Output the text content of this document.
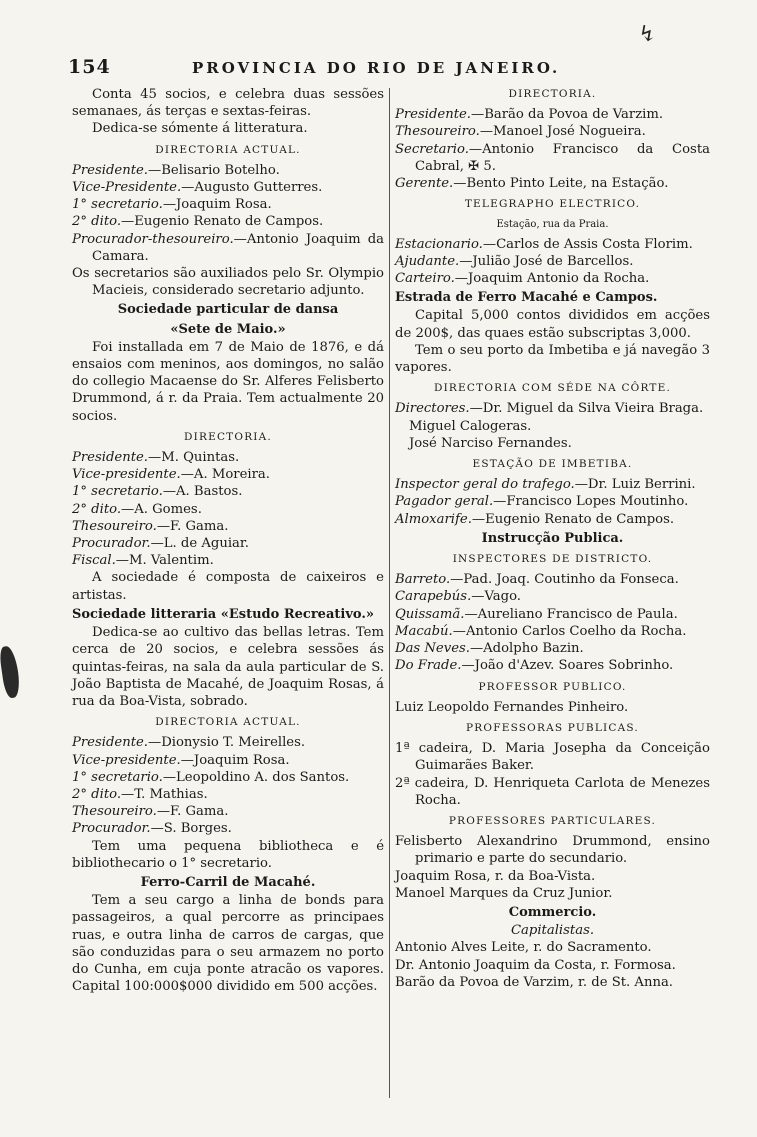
154	PROVINCIA DO RIO DE JANEIRO.
↯

Conta 45 socios, e celebra duas sessões semanaes, ás terças e sextas-feiras.

Dedica-se sómente á litteratura.

DIRECTORIA ACTUAL.

Presidente.—Belisario Botelho.

Vice-Presidente.—Augusto Gutterres.

1° secretario.—Joaquim Rosa.

2° dito.—Eugenio Renato de Campos.

Procurador-thesoureiro.—Antonio Joaquim da Camara.

Os secretarios são auxiliados pelo Sr. Olympio Macieis, considerado secretario adjunto.

Sociedade particular de dansa

«Sete de Maio.»

Foi installada em 7 de Maio de 1876, e dá ensaios com meninos, aos domingos, no salão do collegio Macaense do Sr. Alferes Felisberto Drummond, á r. da Praia. Tem actualmente 20 socios.

DIRECTORIA.

Presidente.—M. Quintas.

Vice-presidente.—A. Moreira.

1° secretario.—A. Bastos.

2° dito.—A. Gomes.

Thesoureiro.—F. Gama.

Procurador.—L. de Aguiar.

Fiscal.—M. Valentim.

A sociedade é composta de caixeiros e artistas.

Sociedade litteraria «Estudo Recreativo.»

Dedica-se ao cultivo das bellas letras. Tem cerca de 20 socios, e celebra sessões ás quintas-feiras, na sala da aula particular de S. João Baptista de Macahé, de Joaquim Rosas, á rua da Boa-Vista, sobrado.

DIRECTORIA ACTUAL.

Presidente.—Dionysio T. Meirelles.

Vice-presidente.—Joaquim Rosa.

1° secretario.—Leopoldino A. dos Santos.

2° dito.—T. Mathias.

Thesoureiro.—F. Gama.

Procurador.—S. Borges.

Tem uma pequena bibliotheca e é bibliothecario o 1° secretario.

Ferro-Carril de Macahé.

Tem a seu cargo a linha de bonds para passageiros, a qual percorre as principaes ruas, e outra linha de carros de cargas, que são conduzidas para o seu armazem no porto do Cunha, em cuja ponte atracão os vapores. Capital 100:000$000 dividido em 500 acções.

DIRECTORIA.

Presidente.—Barão da Povoa de Varzim.

Thesoureiro.—Manoel José Nogueira.

Secretario.—Antonio Francisco da Costa Cabral, ✠ 5.

Gerente.—Bento Pinto Leite, na Estação.

TELEGRAPHO ELECTRICO.

Estação, rua da Praia.

Estacionario.—Carlos de Assis Costa Florim.

Ajudante.—Julião José de Barcellos.

Carteiro.—Joaquim Antonio da Rocha.

Estrada de Ferro Macahé e Campos.

Capital 5,000 contos divididos em acções de 200$, das quaes estão subscriptas 3,000.

Tem o seu porto da Imbetiba e já navegão 3 vapores.

DIRECTORIA COM SÉDE NA CÔRTE.

Directores.—Dr. Miguel da Silva Vieira Braga.

Miguel Calogeras.

José Narciso Fernandes.

ESTAÇÃO DE IMBETIBA.

Inspector geral do trafego.—Dr. Luiz Berrini.

Pagador geral.—Francisco Lopes Moutinho.

Almoxarife.—Eugenio Renato de Campos.

Instrucção Publica.

INSPECTORES DE DISTRICTO.

Barreto.—Pad. Joaq. Coutinho da Fonseca.

Carapebús.—Vago.

Quissamã.—Aureliano Francisco de Paula.

Macabú.—Antonio Carlos Coelho da Rocha.

Das Neves.—Adolpho Bazin.

Do Frade.—João d'Azev. Soares Sobrinho.

PROFESSOR PUBLICO.

Luiz Leopoldo Fernandes Pinheiro.

PROFESSORAS PUBLICAS.

1ª cadeira, D. Maria Josepha da Conceição Guimarães Baker.

2ª cadeira, D. Henriqueta Carlota de Menezes Rocha.

PROFESSORES PARTICULARES.

Felisberto Alexandrino Drummond, ensino primario e parte do secundario.

Joaquim Rosa, r. da Boa-Vista.

Manoel Marques da Cruz Junior.

Commercio.

Capitalistas.

Antonio Alves Leite, r. do Sacramento.

Dr. Antonio Joaquim da Costa, r. Formosa.

Barão da Povoa de Varzim, r. de St. Anna.
